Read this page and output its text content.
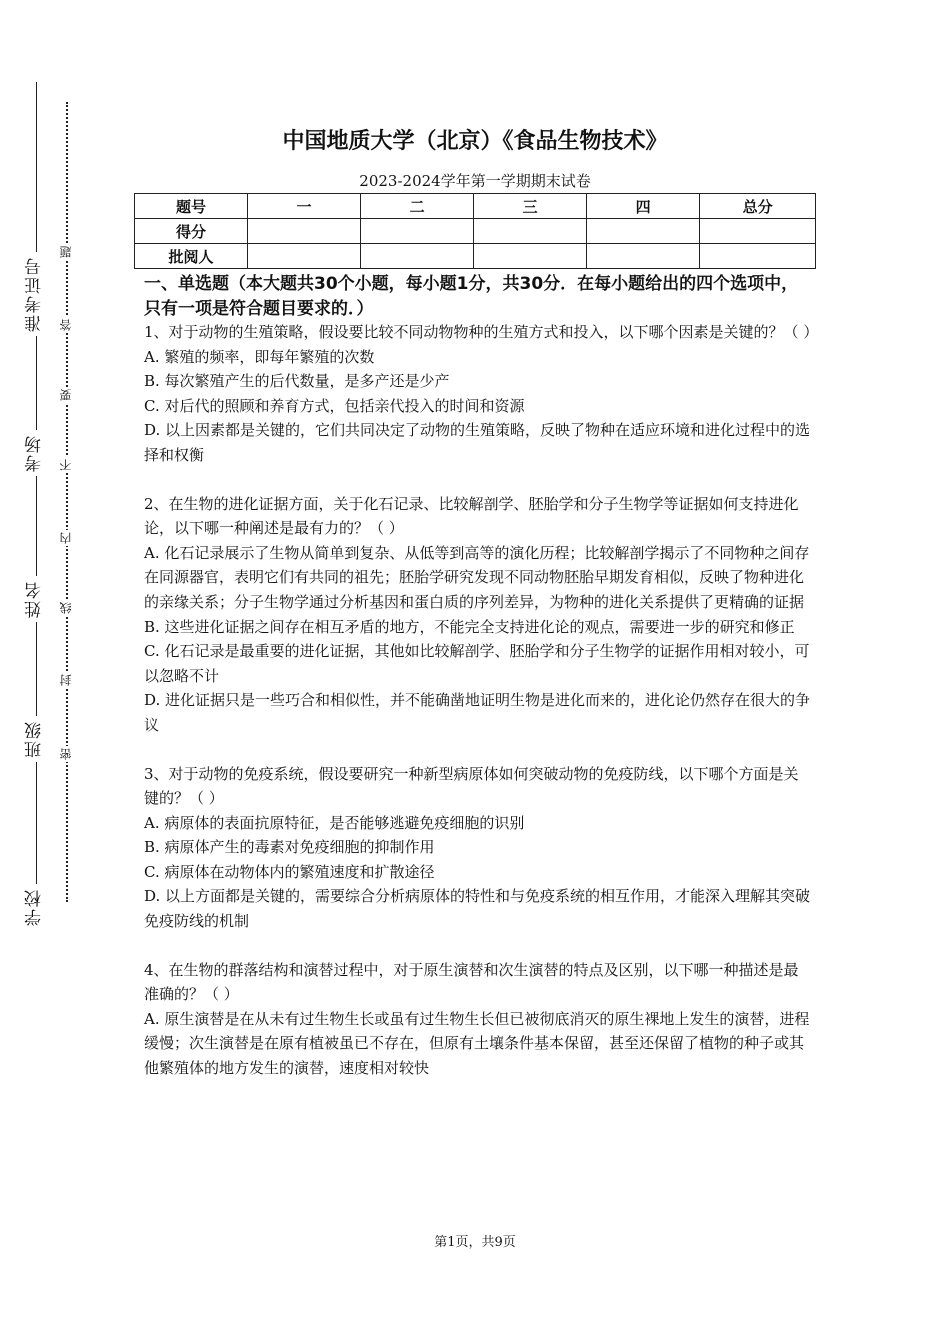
准考证号
考场
姓名
班级
学校
题
答
要
不
内
线
封
密
中国地质大学（北京）《食品生物技术》
2023-2024学年第一学期期末试卷
题号	一	二	三	四	总分
得分					
批阅人					
一、单选题（本大题共30个小题，每小题1分，共30分．在每小题给出的四个选项中，只有一项是符合题目要求的．）

1、对于动物的生殖策略，假设要比较不同动物物种的生殖方式和投入，以下哪个因素是关键的？（ ）

A. 繁殖的频率，即每年繁殖的次数

B. 每次繁殖产生的后代数量，是多产还是少产

C. 对后代的照顾和养育方式，包括亲代投入的时间和资源

D. 以上因素都是关键的，它们共同决定了动物的生殖策略，反映了物种在适应环境和进化过程中的选择和权衡

2、在生物的进化证据方面，关于化石记录、比较解剖学、胚胎学和分子生物学等证据如何支持进化论，以下哪一种阐述是最有力的？（ ）

A. 化石记录展示了生物从简单到复杂、从低等到高等的演化历程；比较解剖学揭示了不同物种之间存在同源器官，表明它们有共同的祖先；胚胎学研究发现不同动物胚胎早期发育相似，反映了物种进化的亲缘关系；分子生物学通过分析基因和蛋白质的序列差异，为物种的进化关系提供了更精确的证据

B. 这些进化证据之间存在相互矛盾的地方，不能完全支持进化论的观点，需要进一步的研究和修正

C. 化石记录是最重要的进化证据，其他如比较解剖学、胚胎学和分子生物学的证据作用相对较小，可以忽略不计

D. 进化证据只是一些巧合和相似性，并不能确凿地证明生物是进化而来的，进化论仍然存在很大的争议

3、对于动物的免疫系统，假设要研究一种新型病原体如何突破动物的免疫防线，以下哪个方面是关键的？（ ）

A. 病原体的表面抗原特征，是否能够逃避免疫细胞的识别

B. 病原体产生的毒素对免疫细胞的抑制作用

C. 病原体在动物体内的繁殖速度和扩散途径

D. 以上方面都是关键的，需要综合分析病原体的特性和与免疫系统的相互作用，才能深入理解其突破免疫防线的机制

4、在生物的群落结构和演替过程中，对于原生演替和次生演替的特点及区别，以下哪一种描述是最准确的？（ ）

A. 原生演替是在从未有过生物生长或虽有过生物生长但已被彻底消灭的原生裸地上发生的演替，进程缓慢；次生演替是在原有植被虽已不存在，但原有土壤条件基本保留，甚至还保留了植物的种子或其他繁殖体的地方发生的演替，速度相对较快

第1页，共9页
